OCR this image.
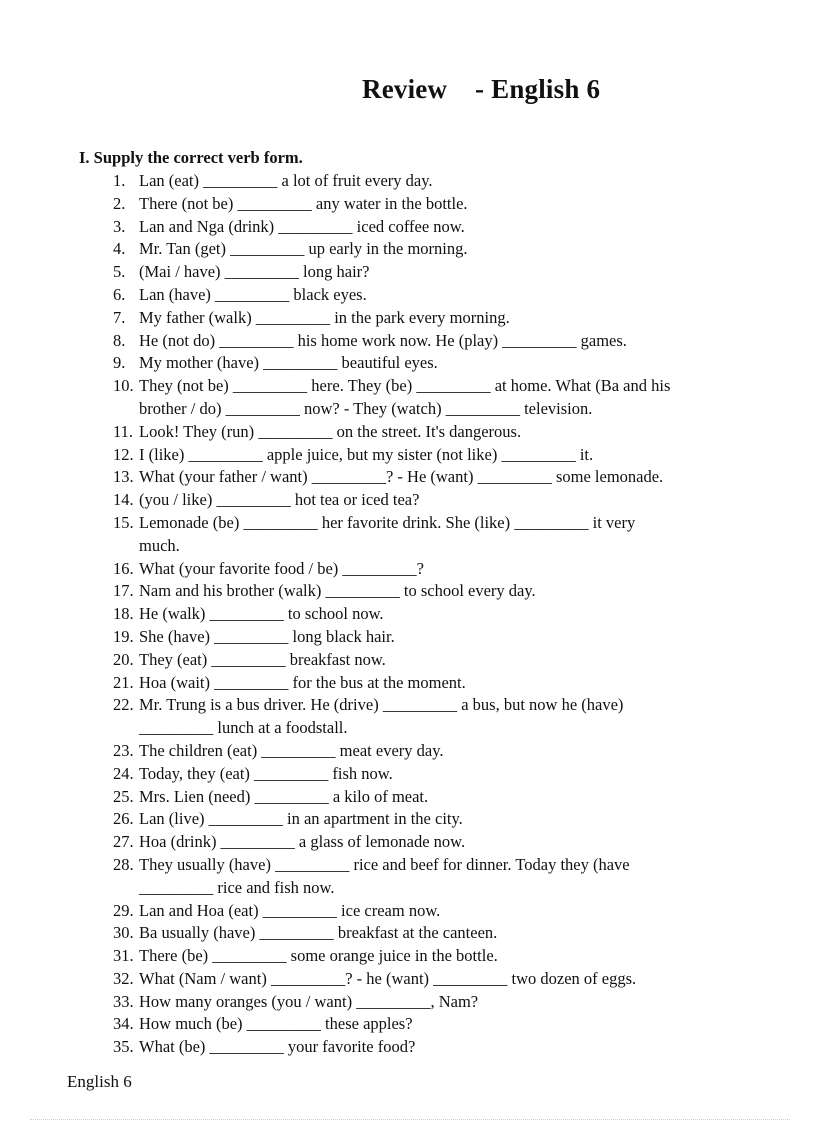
Review    - English 6
I. Supply the correct verb form.
1. Lan (eat) _________ a lot of fruit every day.
2. There (not be) _________ any water in the bottle.
3. Lan and Nga (drink) _________ iced coffee now.
4. Mr. Tan (get) _________ up early in the morning.
5. (Mai / have) _________ long hair?
6. Lan (have) _________ black eyes.
7. My father (walk) _________ in the park every morning.
8. He (not do) _________ his home work now. He (play) _________ games.
9. My mother (have) _________ beautiful eyes.
10. They (not be) _________ here. They (be) _________ at home. What (Ba and his
brother / do) _________ now? - They (watch) _________ television.
11. Look! They (run) _________ on the street. It's dangerous.
12. I (like) _________ apple juice, but my sister (not like) _________ it.
13. What (your father / want) _________? - He (want) _________ some lemonade.
14. (you / like) _________ hot tea or iced tea?
15. Lemonade (be) _________ her favorite drink. She (like) _________ it very
much.
16. What (your favorite food / be) _________?
17. Nam and his brother (walk) _________ to school every day.
18. He (walk) _________ to school now.
19. She (have) _________ long black hair.
20. They (eat) _________ breakfast now.
21. Hoa (wait) _________ for the bus at the moment.
22. Mr. Trung is a bus driver. He (drive) _________ a bus, but now he (have)
_________ lunch at a foodstall.
23. The children (eat) _________ meat every day.
24. Today, they (eat) _________ fish now.
25. Mrs. Lien (need) _________ a kilo of meat.
26. Lan (live) _________ in an apartment in the city.
27. Hoa (drink) _________ a glass of lemonade now.
28. They usually (have) _________ rice and beef for dinner. Today they (have
_________ rice and fish now.
29. Lan and Hoa (eat) _________ ice cream now.
30. Ba usually (have) _________ breakfast at the canteen.
31. There (be) _________ some orange juice in the bottle.
32. What (Nam / want) _________? - he (want) _________ two dozen of eggs.
33. How many oranges (you / want) _________, Nam?
34. How much (be) _________ these apples?
35. What (be) _________ your favorite food?
English 6
